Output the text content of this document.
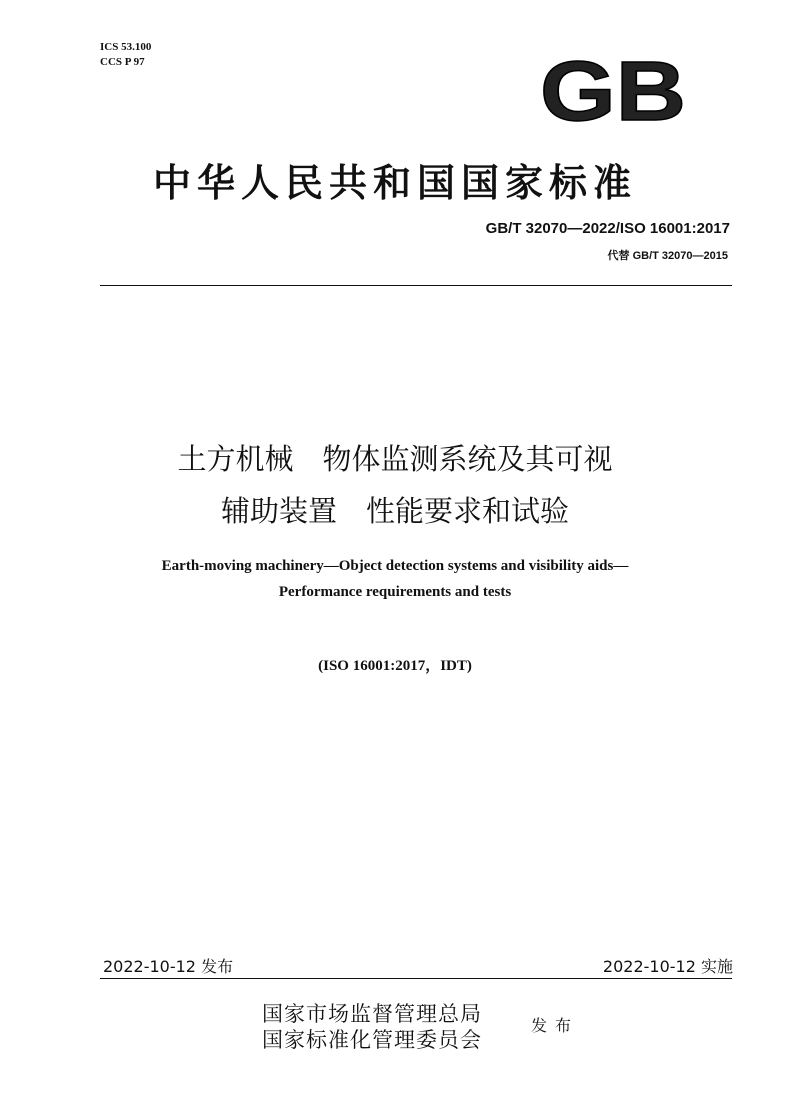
ICS 53.100
CCS P 97	GB
中华人民共和国国家标准
GB/T 32070—2022/ISO 16001:2017
代替 GB/T 32070—2015
土方机械　物体监测系统及其可视
辅助装置　性能要求和试验
Earth-moving machinery—Object detection systems and visibility aids—
Performance requirements and tests
(ISO 16001:2017，IDT)
2022-10-12 发布	2022-10-12 实施
国家市场监督管理总局
国家标准化管理委员会
发布
